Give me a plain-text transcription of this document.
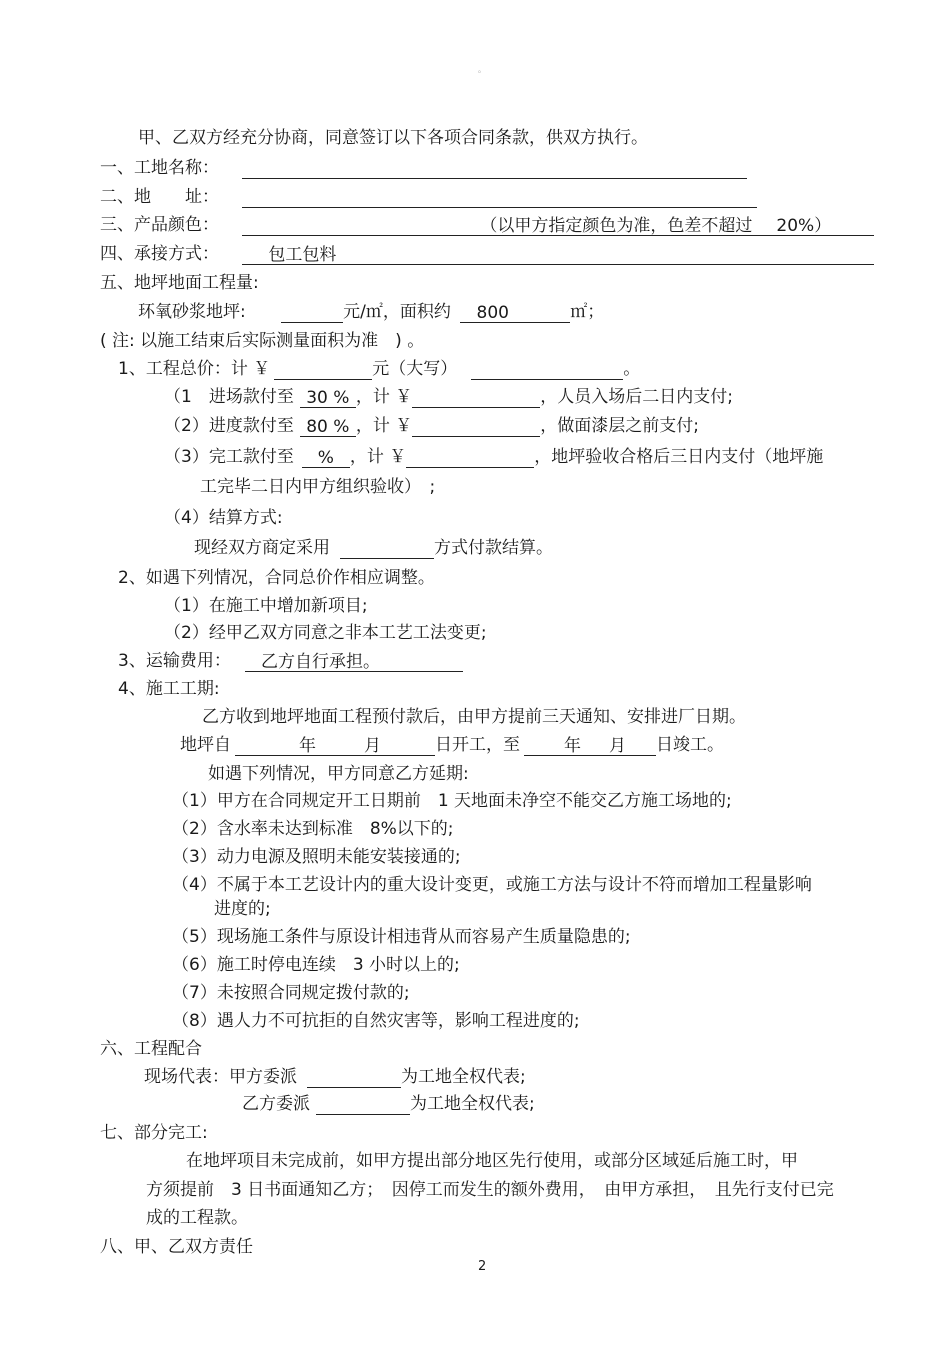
。
甲、乙双方经充分协商，同意签订以下各项合同条款，供双方执行。
一、工地名称：
二、地　　址：
三、产品颜色：	（以甲方指定颜色为准，色差不超过 20%）
四、承接方式：	包工包料
五、地坪地面工程量:
环氧砂浆地坪:	元/㎡，面积约 800	㎡；
( 注: 以施工结束后实际测量面积为准　) 。
1、工程总价：计 ￥	元（大写）	。
（1　进场款付至 30 % ，计 ￥	，人员入场后二日内支付;
（2）进度款付至 80 % ，计 ￥	，做面漆层之前支付;
（3）完工款付至 % ，计 ￥	，地坪验收合格后三日内支付（地坪施
工完毕二日内甲方组织验收）　;
（4）结算方式:
现经双方商定采用	方式付款结算。
2、如遇下列情况，合同总价作相应调整。
（1）在施工中增加新项目;
（2）经甲乙双方同意之非本工艺工法变更;
3、运输费用： 乙方自行承担。
4、施工工期:
乙方收到地坪地面工程预付款后，由甲方提前三天通知、安排进厂日期。
地坪自	年	月	日开工，至	年 月 日竣工。
如遇下列情况，甲方同意乙方延期:
（1）甲方在合同规定开工日期前　1 天地面未净空不能交乙方施工场地的;
（2）含水率未达到标准　8%以下的;
（3）动力电源及照明未能安装接通的;
（4）不属于本工艺设计内的重大设计变更，或施工方法与设计不符而增加工程量影响
进度的;
（5）现场施工条件与原设计相违背从而容易产生质量隐患的;
（6）施工时停电连续　3 小时以上的;
（7）未按照合同规定拨付款的;
（8）遇人力不可抗拒的自然灾害等，影响工程进度的;
六、工程配合
现场代表：甲方委派	为工地全权代表;
乙方委派	为工地全权代表;
七、部分完工:
在地坪项目未完成前，如甲方提出部分地区先行使用，或部分区域延后施工时，甲
方须提前　3 日书面通知乙方；　因停工而发生的额外费用，　由甲方承担，　且先行支付已完
成的工程款。
八、甲、乙双方责任
2
